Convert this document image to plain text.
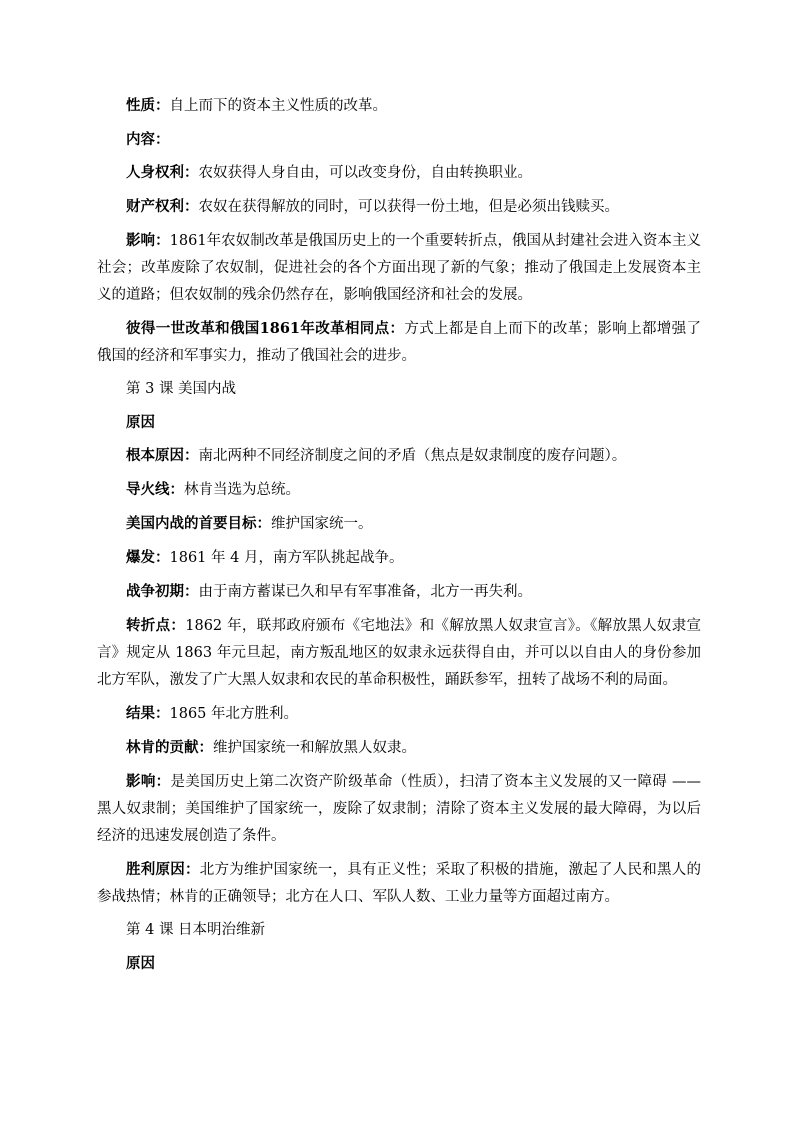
性质：自上而下的资本主义性质的改革。

内容：

人身权利：农奴获得人身自由，可以改变身份，自由转换职业。

财产权利：农奴在获得解放的同时，可以获得一份土地，但是必须出钱赎买。

影响：1861年农奴制改革是俄国历史上的一个重要转折点，俄国从封建社会进入资本主义社会；改革废除了农奴制，促进社会的各个方面出现了新的气象；推动了俄国走上发展资本主义的道路；但农奴制的残余仍然存在，影响俄国经济和社会的发展。

彼得一世改革和俄国1861年改革相同点：方式上都是自上而下的改革；影响上都增强了俄国的经济和军事实力，推动了俄国社会的进步。

第 3 课 美国内战

原因

根本原因：南北两种不同经济制度之间的矛盾（焦点是奴隶制度的废存问题）。

导火线：林肯当选为总统。

美国内战的首要目标：维护国家统一。

爆发：1861 年 4 月，南方军队挑起战争。

战争初期：由于南方蓄谋已久和早有军事准备，北方一再失利。

转折点：1862 年，联邦政府颁布《宅地法》和《解放黑人奴隶宣言》。《解放黑人奴隶宣言》规定从 1863 年元旦起，南方叛乱地区的奴隶永远获得自由，并可以以自由人的身份参加北方军队，激发了广大黑人奴隶和农民的革命积极性，踊跃参军，扭转了战场不利的局面。

结果：1865 年北方胜利。

林肯的贡献：维护国家统一和解放黑人奴隶。

影响：是美国历史上第二次资产阶级革命（性质），扫清了资本主义发展的又一障碍 —— 黑人奴隶制；美国维护了国家统一，废除了奴隶制；清除了资本主义发展的最大障碍，为以后经济的迅速发展创造了条件。

胜利原因：北方为维护国家统一，具有正义性；采取了积极的措施，激起了人民和黑人的参战热情；林肯的正确领导；北方在人口、军队人数、工业力量等方面超过南方。

第 4 课 日本明治维新

原因
